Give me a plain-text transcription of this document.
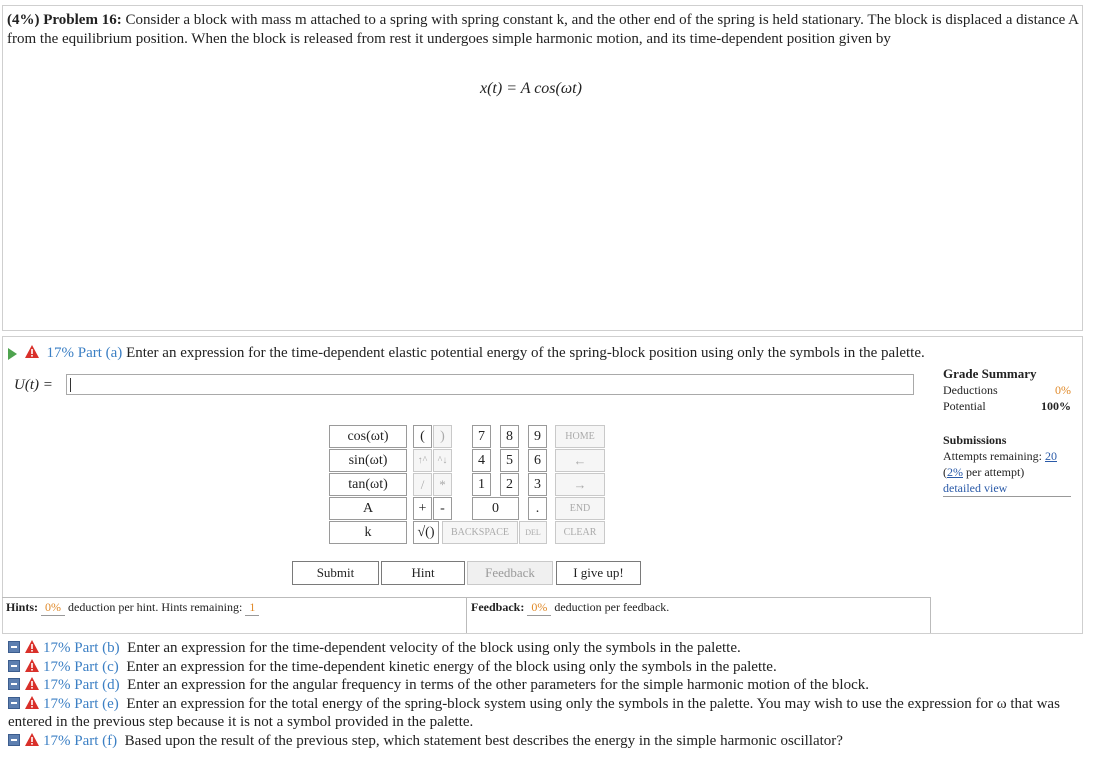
(4%) Problem 16: Consider a block with mass m attached to a spring with spring constant k, and the other end of the spring is held stationary. The block is displaced a distance A from the equilibrium position. When the block is released from rest it undergoes simple harmonic motion, and its time-dependent position given by
x(t) = A cos(ωt)
17% Part (a) Enter an expression for the time-dependent elastic potential energy of the spring-block position using only the symbols in the palette.
U(t) =
Grade Summary
Deductions	0%
Potential	100%
Submissions
Attempts remaining: 20
(2% per attempt)
detailed view
cos(ωt)
sin(ωt)
tan(ωt)
A
k
(	)
↑^	^↓
/	*
+ -
√()
7	8	9
4	5	6
1	2	3
0	.
HOME
←
→
END
BACKSPACE	DEL	CLEAR
Submit	Hint	Feedback	I give up!
Hints: 0% deduction per hint. Hints remaining: 1	Feedback: 0% deduction per feedback.
17% Part (b) Enter an expression for the time-dependent velocity of the block using only the symbols in the palette.
17% Part (c) Enter an expression for the time-dependent kinetic energy of the block using only the symbols in the palette.
17% Part (d) Enter an expression for the angular frequency in terms of the other parameters for the simple harmonic motion of the block.
17% Part (e) Enter an expression for the total energy of the spring-block system using only the symbols in the palette. You may wish to use the expression for ω that was entered in the previous step because it is not a symbol provided in the palette.
17% Part (f) Based upon the result of the previous step, which statement best describes the energy in the simple harmonic oscillator?
